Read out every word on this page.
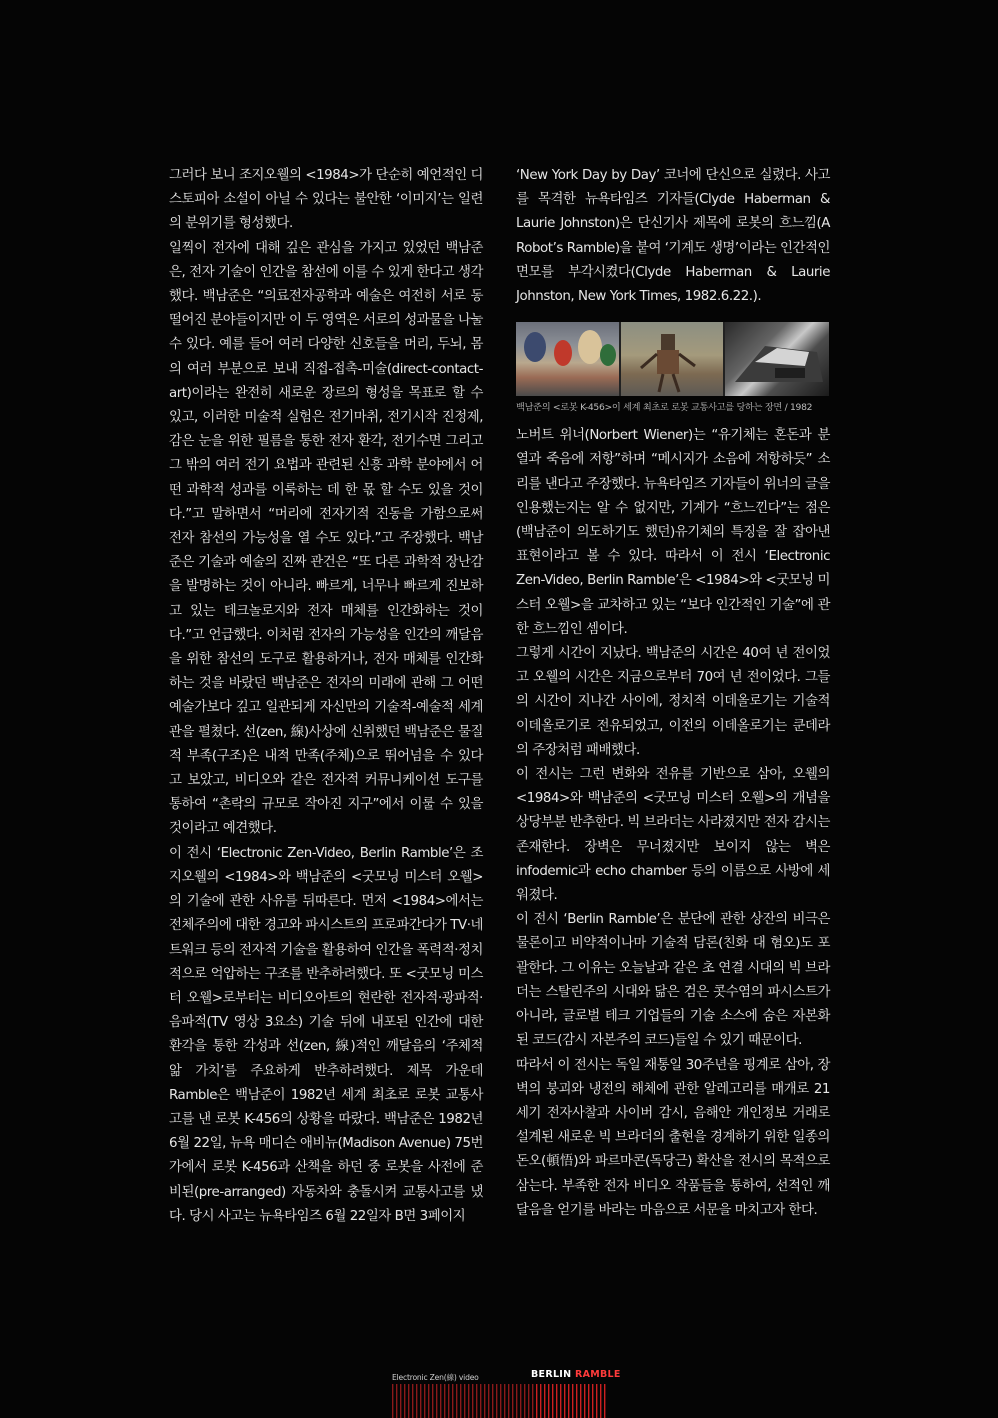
그러다 보니 조지오웰의 <1984>가 단순히 예언적인 디스토피아 소설이 아닐 수 있다는 불안한 ‘이미지’는 일련의 분위기를 형성했다.

일찍이 전자에 대해 깊은 관심을 가지고 있었던 백남준은, 전자 기술이 인간을 참선에 이를 수 있게 한다고 생각했다. 백남준은 “의료전자공학과 예술은 여전히 서로 동떨어진 분야들이지만 이 두 영역은 서로의 성과물을 나눌 수 있다. 예를 들어 여러 다양한 신호들을 머리, 두뇌, 몸의 여러 부분으로 보내 직접-접촉-미술(direct-contact-art)이라는 완전히 새로운 장르의 형성을 목표로 할 수 있고, 이러한 미술적 실험은 전기마취, 전기시작 진정제, 감은 눈을 위한 필름을 통한 전자 환각, 전기수면 그리고 그 밖의 여러 전기 요법과 관련된 신흥 과학 분야에서 어떤 과학적 성과를 이룩하는 데 한 몫 할 수도 있을 것이다.”고 말하면서 “머리에 전자기적 진동을 가함으로써 전자 참선의 가능성을 열 수도 있다.”고 주장했다. 백남준은 기술과 예술의 진짜 관건은 “또 다른 과학적 장난감을 발명하는 것이 아니라. 빠르게, 너무나 빠르게 진보하고 있는 테크놀로지와 전자 매체를 인간화하는 것이다.”고 언급했다. 이처럼 전자의 가능성을 인간의 깨달음을 위한 참선의 도구로 활용하거나, 전자 매체를 인간화하는 것을 바랐던 백남준은 전자의 미래에 관해 그 어떤 예술가보다 깊고 일관되게 자신만의 기술적-예술적 세계관을 펼쳤다. 선(zen, 線)사상에 신취했던 백남준은 물질적 부족(구조)은 내적 만족(주체)으로 뛰어넘을 수 있다고 보았고, 비디오와 같은 전자적 커뮤니케이션 도구를 통하여 “촌락의 규모로 작아진 지구”에서 이룰 수 있을 것이라고 예견했다.

이 전시 ‘Electronic Zen-Video, Berlin Ramble’은 조지오웰의 <1984>와 백남준의 <굿모닝 미스터 오웰>의 기술에 관한 사유를 뒤따른다. 먼저 <1984>에서는 전체주의에 대한 경고와 파시스트의 프로파간다가 TV·네트워크 등의 전자적 기술을 활용하여 인간을 폭력적·정치적으로 억압하는 구조를 반추하려했다. 또 <굿모닝 미스터 오웰>로부터는 비디오아트의 현란한 전자적·광파적·음파적(TV 영상 3요소) 기술 뒤에 내포된 인간에 대한 환각을 통한 각성과 선(zen, 線)적인 깨달음의 ‘주체적 앎 가치’를 주요하게 반추하려했다. 제목 가운데 Ramble은 백남준이 1982년 세계 최초로 로봇 교통사고를 낸 로봇 K-456의 상황을 따랐다. 백남준은 1982년 6월 22일, 뉴욕 매디슨 애비뉴(Madison Avenue) 75번가에서 로봇 K-456과 산책을 하던 중 로봇을 사전에 준비된(pre-arranged) 자동차와 충돌시켜 교통사고를 냈다. 당시 사고는 뉴욕타임즈 6월 22일자 B면 3페이지

‘New York Day by Day’ 코너에 단신으로 실렸다. 사고를 목격한 뉴욕타임즈 기자들(Clyde Haberman & Laurie Johnston)은 단신기사 제목에 로봇의 흐느낌(A Robot’s Ramble)을 붙여 ‘기계도 생명’이라는 인간적인 면모를 부각시켰다(Clyde Haberman & Laurie Johnston, New York Times, 1982.6.22.).

백남준의 <로봇 K-456>이 세계 최초로 로봇 교통사고를 당하는 장면 / 1982

노버트 위너(Norbert Wiener)는 “유기체는 혼돈과 분열과 죽음에 저항”하며 “메시지가 소음에 저항하듯” 소리를 낸다고 주장했다. 뉴욕타임즈 기자들이 위너의 글을 인용했는지는 알 수 없지만, 기계가 “흐느낀다”는 점은 (백남준이 의도하기도 했던)유기체의 특징을 잘 잡아낸 표현이라고 볼 수 있다. 따라서 이 전시 ‘Electronic Zen-Video, Berlin Ramble’은 <1984>와 <굿모닝 미스터 오웰>을 교차하고 있는 “보다 인간적인 기술”에 관한 흐느낌인 셈이다.

그렇게 시간이 지났다. 백남준의 시간은 40여 년 전이었고 오웰의 시간은 지금으로부터 70여 년 전이었다. 그들의 시간이 지나간 사이에, 정치적 이데올로기는 기술적 이데올로기로 전유되었고, 이전의 이데올로기는 쿤데라의 주장처럼 패배했다.

이 전시는 그런 변화와 전유를 기반으로 삼아, 오웰의 <1984>와 백남준의 <굿모닝 미스터 오웰>의 개념을 상당부분 반추한다. 빅 브라더는 사라졌지만 전자 감시는 존재한다. 장벽은 무너졌지만 보이지 않는 벽은 infodemic과 echo chamber 등의 이름으로 사방에 세워졌다.

이 전시 ‘Berlin Ramble’은 분단에 관한 상잔의 비극은 물론이고 비약적이나마 기술적 담론(친화 대 혐오)도 포괄한다. 그 이유는 오늘날과 같은 초 연결 시대의 빅 브라더는 스탈린주의 시대와 닮은 검은 콧수염의 파시스트가 아니라, 글로벌 테크 기업들의 기술 소스에 숨은 자본화 된 코드(감시 자본주의 코드)들일 수 있기 때문이다.

따라서 이 전시는 독일 재통일 30주년을 핑계로 삼아, 장벽의 붕괴와 냉전의 해체에 관한 알레고리를 매개로 21세기 전자사찰과 사이버 감시, 음해안 개인정보 거래로 설계된 새로운 빅 브라더의 출현을 경계하기 위한 일종의 돈오(頓悟)와 파르마콘(독당근) 확산을 전시의 목적으로 삼는다. 부족한 전자 비디오 작품들을 통하여, 선적인 깨달음을 얻기를 바라는 마음으로 서문을 마치고자 한다.

Electronic Zen(線) video	BERLIN RAMBLE
